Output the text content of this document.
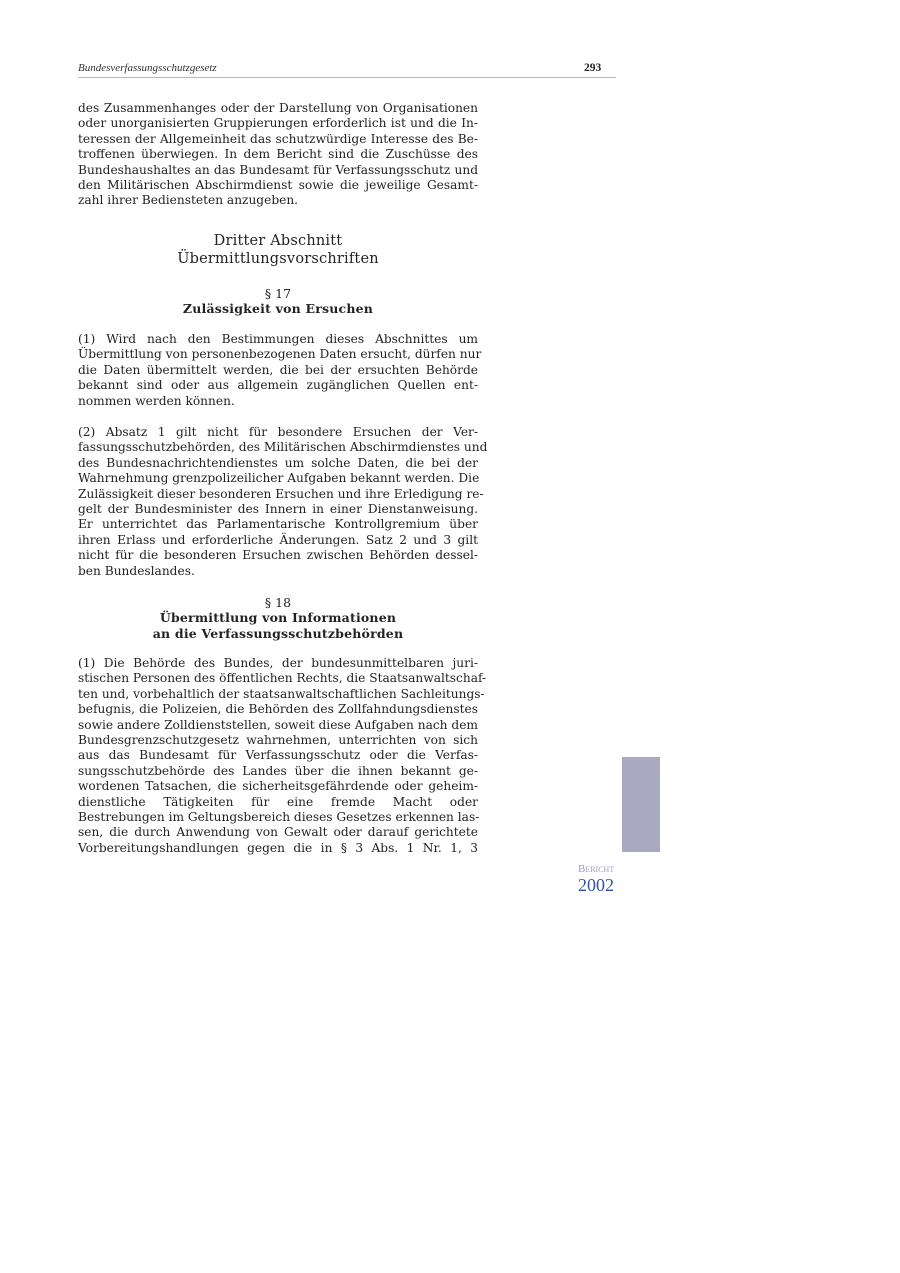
Bundesverfassungsschutzgesetz	293
des Zusammenhanges oder der Darstellung von Organisationen
oder unorganisierten Gruppierungen erforderlich ist und die In-
teressen der Allgemeinheit das schutzwürdige Interesse des Be-
troffenen überwiegen. In dem Bericht sind die Zuschüsse des
Bundeshaushaltes an das Bundesamt für Verfassungsschutz und
den Militärischen Abschirmdienst sowie die jeweilige Gesamt-
zahl ihrer Bediensteten anzugeben.
Dritter Abschnitt
Übermittlungsvorschriften
§ 17
Zulässigkeit von Ersuchen
(1) Wird nach den Bestimmungen dieses Abschnittes um
Übermittlung von personenbezogenen Daten ersucht, dürfen nur
die Daten übermittelt werden, die bei der ersuchten Behörde
bekannt sind oder aus allgemein zugänglichen Quellen ent-
nommen werden können.
(2) Absatz 1 gilt nicht für besondere Ersuchen der Ver-
fassungsschutzbehörden, des Militärischen Abschirmdienstes und
des Bundesnachrichtendienstes um solche Daten, die bei der
Wahrnehmung grenzpolizeilicher Aufgaben bekannt werden. Die
Zulässigkeit dieser besonderen Ersuchen und ihre Erledigung re-
gelt der Bundesminister des Innern in einer Dienstanweisung.
Er unterrichtet das Parlamentarische Kontrollgremium über
ihren Erlass und erforderliche Änderungen. Satz 2 und 3 gilt
nicht für die besonderen Ersuchen zwischen Behörden dessel-
ben Bundeslandes.
§ 18
Übermittlung von Informationen
an die Verfassungsschutzbehörden
(1) Die Behörde des Bundes, der bundesunmittelbaren juri-
stischen Personen des öffentlichen Rechts, die Staatsanwaltschaf-
ten und, vorbehaltlich der staatsanwaltschaftlichen Sachleitungs-
befugnis, die Polizeien, die Behörden des Zollfahndungsdienstes
sowie andere Zolldienststellen, soweit diese Aufgaben nach dem
Bundesgrenzschutzgesetz wahrnehmen, unterrichten von sich
aus das Bundesamt für Verfassungsschutz oder die Verfas-
sungsschutzbehörde des Landes über die ihnen bekannt ge-
wordenen Tatsachen, die sicherheitsgefährdende oder geheim-
dienstliche Tätigkeiten für eine fremde Macht oder
Bestrebungen im Geltungsbereich dieses Gesetzes erkennen las-
sen, die durch Anwendung von Gewalt oder darauf gerichtete
Vorbereitungshandlungen gegen die in § 3 Abs. 1 Nr. 1, 3
Bericht
2002
